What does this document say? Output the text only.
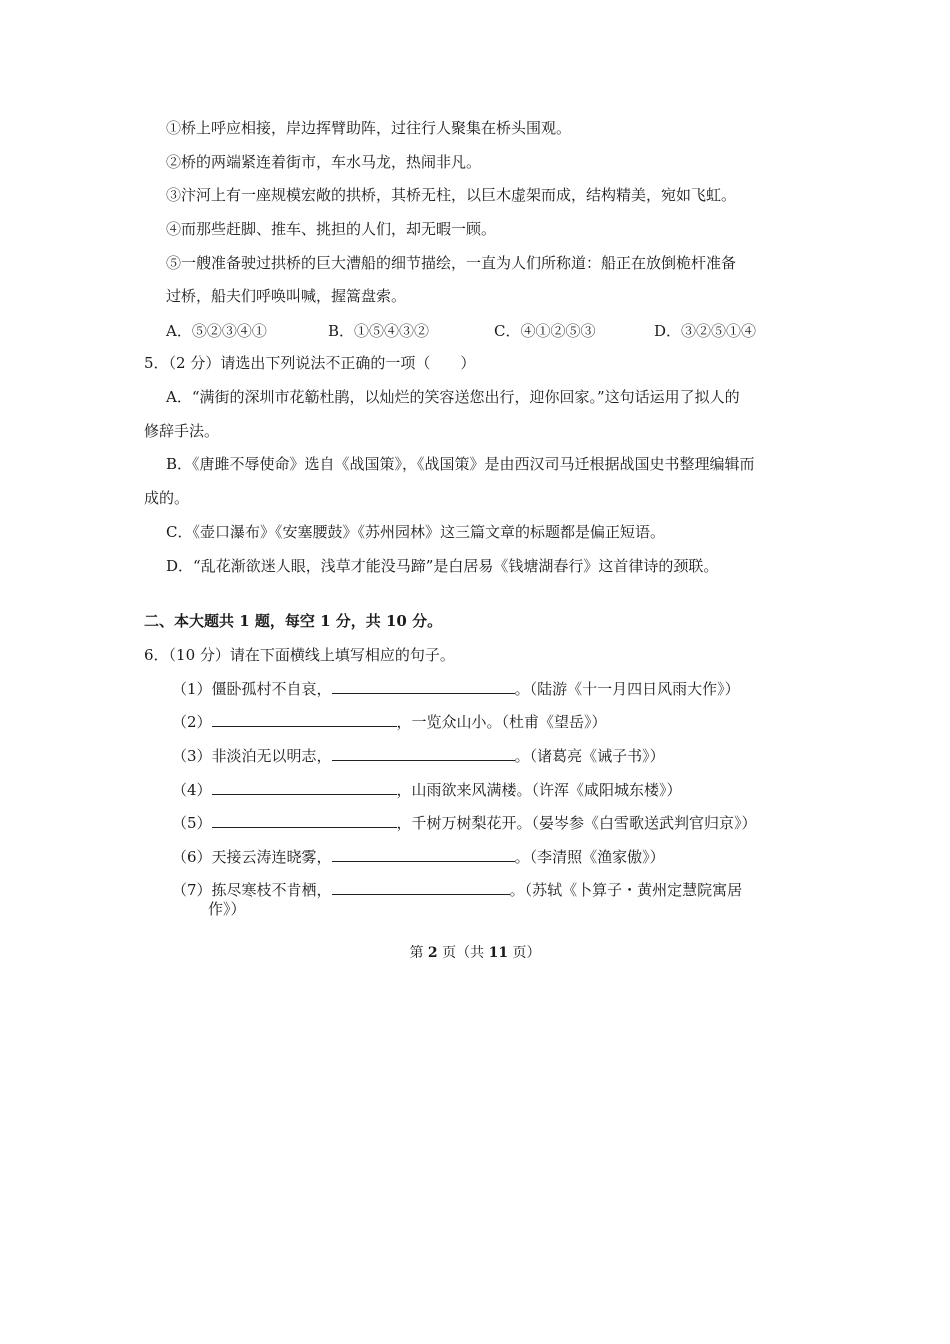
①桥上呼应相接，岸边挥臂助阵，过往行人聚集在桥头围观。
②桥的两端紧连着街市，车水马龙，热闹非凡。
③汴河上有一座规模宏敞的拱桥，其桥无柱，以巨木虚架而成，结构精美，宛如飞虹。
④而那些赶脚、推车、挑担的人们，却无暇一顾。
⑤一艘准备驶过拱桥的巨大漕船的细节描绘，一直为人们所称道：船正在放倒桅杆准备
过桥，船夫们呼唤叫喊，握篙盘索。
A．⑤②③④①	B．①⑤④③②	C．④①②⑤③	D．③②⑤①④
5．（2 分）请选出下列说法不正确的一项（　　）
A．“满街的深圳市花簕杜鹃，以灿烂的笑容送您出行，迎你回家。”这句话运用了拟人的
修辞手法。
B．《唐雎不辱使命》选自《战国策》，《战国策》是由西汉司马迁根据战国史书整理编辑而
成的。
C．《壶口瀑布》《安塞腰鼓》《苏州园林》这三篇文章的标题都是偏正短语。
D．“乱花渐欲迷人眼，浅草才能没马蹄”是白居易《钱塘湖春行》这首律诗的颈联。
二、本大题共 1 题，每空 1 分，共 10 分。
6．（10 分）请在下面横线上填写相应的句子。
（1）僵卧孤村不自哀，	。（陆游《十一月四日风雨大作》）
（2）	，一览众山小。（杜甫《望岳》）
（3）非淡泊无以明志，	。（诸葛亮《诫子书》）
（4）	，山雨欲来风满楼。（许浑《咸阳城东楼》）
（5）	，千树万树梨花开。（晏岑参《白雪歌送武判官归京》）
（6）天接云涛连晓雾，	。（李清照《渔家傲》）
（7）拣尽寒枝不肯栖，	。（苏轼《卜算子・黄州定慧院寓居
作》）
第 2 页（共 11 页）
